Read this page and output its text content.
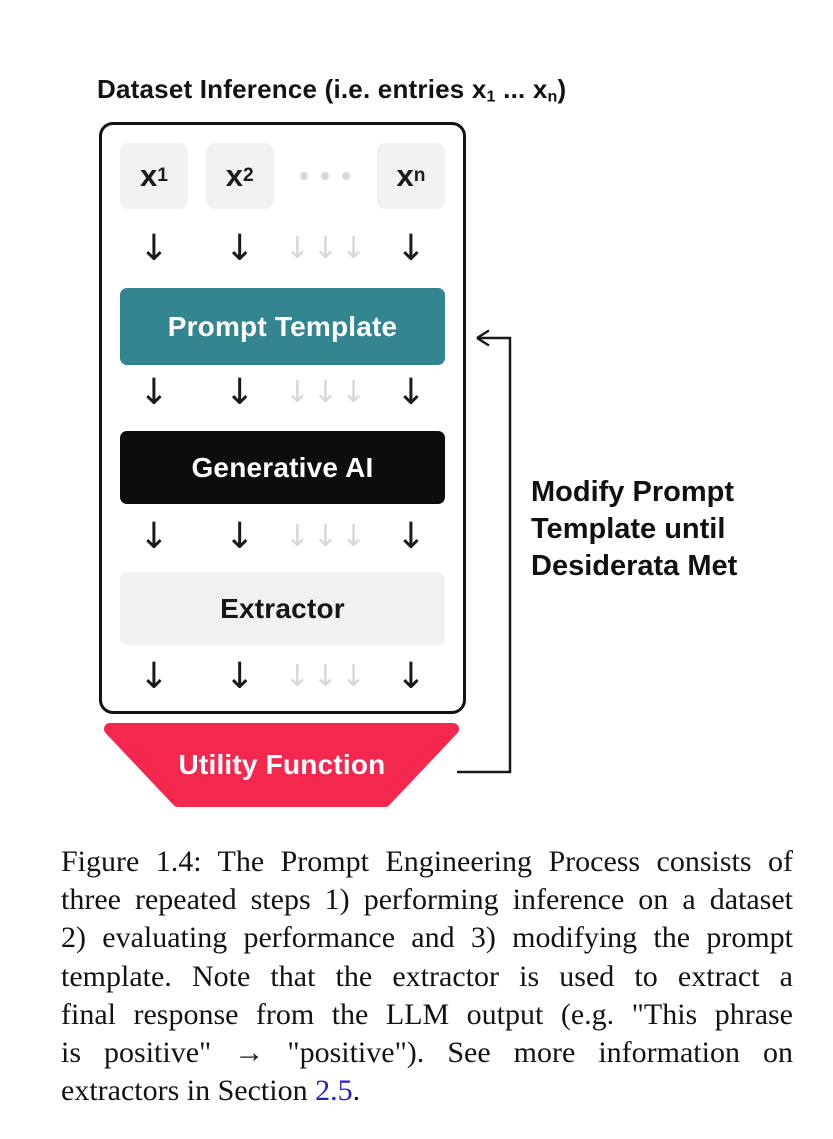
Dataset Inference (i.e. entries $x_1$ ... $x_n$)
x 1 x 2	x n
↓ ↓ ↓ ↓ ↓ ↓
Prompt Template
↓ ↓ ↓ ↓ ↓ ↓
Generative AI
↓ ↓ ↓ ↓ ↓ ↓
Extractor
↓ ↓ ↓ ↓ ↓ ↓
Utility Function
Modify Prompt
Template until
Desiderata Met
Figure 1.4: The Prompt Engineering Process consists of
three repeated steps 1) performing inference on a dataset
2) evaluating performance and 3) modifying the prompt
template. Note that the extractor is used to extract a
final response from the LLM output (e.g. "This phrase
is positive" → "positive"). See more information on
extractors in Section 2.5.
